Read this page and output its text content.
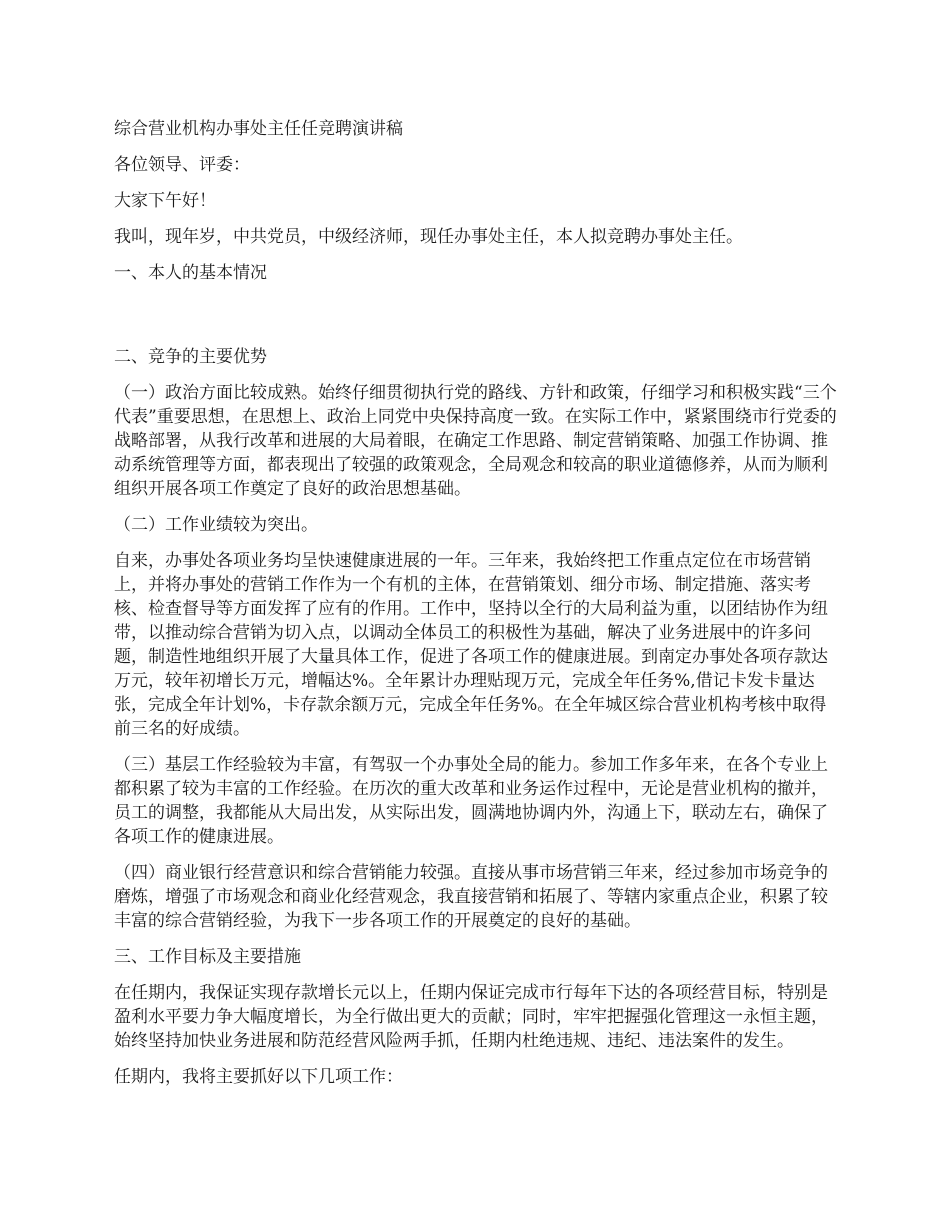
综合营业机构办事处主任任竞聘演讲稿

各位领导、评委：

大家下午好！

我叫，现年岁，中共党员，中级经济师，现任办事处主任，本人拟竞聘办事处主任。

一、本人的基本情况

二、竞争的主要优势

（一）政治方面比较成熟。始终仔细贯彻执行党的路线、方针和政策，仔细学习和积极实践“三个代表”重要思想，在思想上、政治上同党中央保持高度一致。在实际工作中，紧紧围绕市行党委的战略部署，从我行改革和进展的大局着眼，在确定工作思路、制定营销策略、加强工作协调、推动系统管理等方面，都表现出了较强的政策观念，全局观念和较高的职业道德修养，从而为顺利组织开展各项工作奠定了良好的政治思想基础。

（二）工作业绩较为突出。

自来，办事处各项业务均呈快速健康进展的一年。三年来，我始终把工作重点定位在市场营销上，并将办事处的营销工作作为一个有机的主体，在营销策划、细分市场、制定措施、落实考核、检查督导等方面发挥了应有的作用。工作中，坚持以全行的大局利益为重，以团结协作为纽带，以推动综合营销为切入点，以调动全体员工的积极性为基础，解决了业务进展中的许多问题，制造性地组织开展了大量具体工作，促进了各项工作的健康进展。到南定办事处各项存款达万元，较年初增长万元，增幅达%。全年累计办理贴现万元，完成全年任务%,借记卡发卡量达张，完成全年计划%，卡存款余额万元，完成全年任务%。在全年城区综合营业机构考核中取得前三名的好成绩。

（三）基层工作经验较为丰富，有驾驭一个办事处全局的能力。参加工作多年来，在各个专业上都积累了较为丰富的工作经验。在历次的重大改革和业务运作过程中，无论是营业机构的撤并，员工的调整，我都能从大局出发，从实际出发，圆满地协调内外，沟通上下，联动左右，确保了各项工作的健康进展。

（四）商业银行经营意识和综合营销能力较强。直接从事市场营销三年来，经过参加市场竞争的磨炼，增强了市场观念和商业化经营观念，我直接营销和拓展了、等辖内家重点企业，积累了较丰富的综合营销经验，为我下一步各项工作的开展奠定的良好的基础。

三、工作目标及主要措施

在任期内，我保证实现存款增长元以上，任期内保证完成市行每年下达的各项经营目标，特别是盈利水平要力争大幅度增长，为全行做出更大的贡献；同时，牢牢把握强化管理这一永恒主题，始终坚持加快业务进展和防范经营风险两手抓，任期内杜绝违规、违纪、违法案件的发生。

任期内，我将主要抓好以下几项工作：
